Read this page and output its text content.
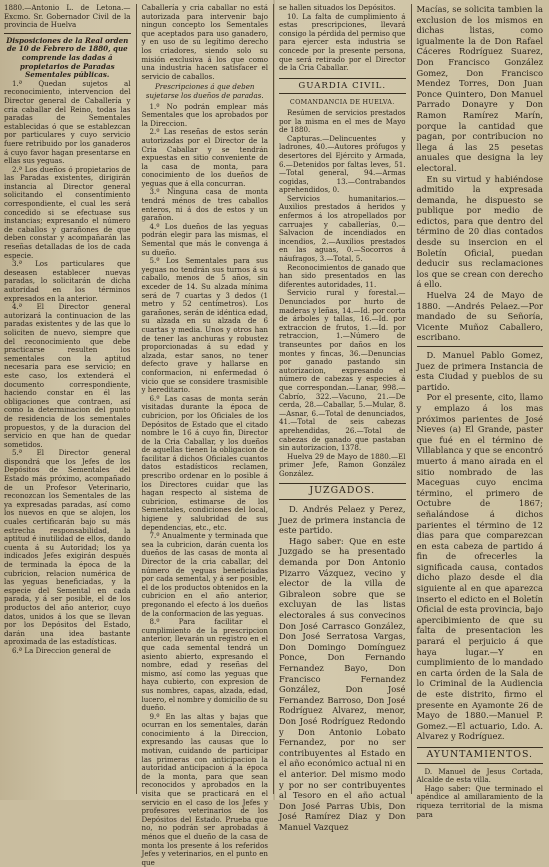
1880.—Antonio L. de Letona.— Excmo. Sr. Gobernador Civil de la provincia de Huelva

Disposiciones de la Real orden de 10 de Febrero de 1880, que comprende las dadas á propietarios de Paradas Sementales públicas.

1.ª Quedan sujetos al reconocimiento, intervencion del Director general de Caballería y cria caballar del Reino, todas las paradas de Sementales establecidas ó que se establezcan por particulares y cuyo servicio fuere retribuido por los ganaderos á cuyo favor hagan presentarse en ellas sus yeguas.

2.ª Los dueños ó propietarios de las Paradas existentes, dirigirán instancia al Director general solicitando el consentimiento correspondiente, el cual les será concedido si se efectuase sus instancias; expresando el número de caballos y garañones de que deben constar y acompañarán las reseñas detalladas de los de cada especie.

3.ª Los particulares que deseasen establecer nuevas paradas, lo solicitarán de dicha autoridad en los términos expresados en la anterior.

4.ª El Director general autorizará la continuacion de las paradas existentes y de las que lo soliciten de nuevo, siempre que del reconocimiento que debe practicarse resulten los sementales con la aptitud necesaria para ese servicio; en este caso, los extenderá el documento correspondiente, haciendo constar en él las obligaciones que contraen, así como la determinacion del punto de residencia de los sementales propuestos, y de la duracion del servicio en que han de quedar sometidos.

5.ª El Director general dispondrá que los Jefes de los Depósitos de Sementales del Estado más próximo, acompañado de un Profesor Veterinario, reconozcan los Sementales de las ya expresadas paradas, así como los nuevos en que se alojen, los cuales certificarán bajo su más estrecha responsabilidad, la aptitud é inutilidad de ellos, dando cuenta á su Autoridad; los ya indicados Jefes exigirán después de terminada la época de la cubricion, relacion numérica de las yeguas beneficiadas, y la especie del Semental en cada parada, y á ser posible, el de los productos del año anterior, cuyo datos, unidos á los que se llevan por los Depósitos del Estado, darán una idea bastante aproximada de las estadísticas.

6.ª La Direccion general de

Caballería y cria caballar no está autorizada para intervenir bajo ningun concepto los Sementales que aceptados para uso ganadero, y en uso de su legítimo derecho los criadores, siendo solo su misión exclusiva á los que como una industria hacen satisfacer el servicio de caballos.

Prescripciones á que deben sujetarse los dueños de paradas.

1.º No podrán emplear más Sementales que los aprobados por la Direccion.

2.º Las reseñas de estos serán autorizadas por el Director de la Cria Caballar y se tendrán expuestas en sitio conveniente de la casa de monta, para conocimiento de los dueños de yeguas que á ella concurran.

3.º Ninguna casa de monta tendrá ménos de tres caballos enteros, ni á dos de estos y un garañon.

4.º Los dueños de las yeguas podrán elegir para las mismas, el Semental que más le convenga á su dueño.

5.º Los Sementales para sus yeguas no tendrán sus turnos á su caballo, menos de 5 años, sin exceder de 14. Su alzada mínima será de 7 cuartas y 3 dedos (1 metro y 52 centímetros). Los garañones, serán de idéntica edad, su alzada en su alzada de 6 cuartas y media. Unos y otros han de tener las anchuras y robustez proporcionadas á su edad y alzada, estar sanos, no tener defecto grave y hallarse en conformacion, ni enfermedad ó vicio que se considere trasmisible y hereditario.

6.º Las casas de monta serán visitadas durante la época de cubricion, por los Oficiales de los Depósitos de Estado que el citado nombre le 16 á cuyo fin, Director de la Cria Caballar, y los dueños de aquellas tienen la obligacion de facilitar á dichos Oficiales cuantos datos estadísticos reclamen, prescribo ordenar en lo posible á los Directores cuidar que las hagan respecto al sistema de cubricion, estimarse de los Sementales, condiciones del local, higiene y salubridad de sus dependencias, etc., etc.

7.º Anualmente y terminada que sea la cubricion, darán cuenta los dueños de las casas de monta al Director de la cria caballar, del número de yeguas beneficiadas por cada semental, y á ser posible, el de los productos obtenidos en la cubricion en el año anterior, pregonando el efecto á los dueños de la conformacion de las yeguas.

8.º Para facilitar el cumplimiento de la prescripcion anterior, llevarán un registro en el que cada semental tendrá un asiento abierto, expresando el nombre, edad y reseñas del mismo, así como las yeguas que haya cubierto, con expresion de sus nombres, capas, alzada, edad, lucero, el nombre y domicilio de su dueño.

9.º En las altas y bajas que ocurran en los sementales, darán conocimiento á la Direccion, expresando las causas que lo motivan, cuidando de participar las primeras con anticipacion la autoridad anticipacion á la época de la monta, para que sean reconocidos y aprobados en la visita que se practicará en el servicio en el caso de los Jefes y profesores veterinarios de los Depósitos del Estado. Prueba que no, no podrán ser aprobadas á ménos que el dueño de la casa de monta los presente á los referidos Jefes y veterinarios, en el punto en que

se hallen situados los Depósitos.

10. La falta de cumplimiento á estas prescripciones, llevará consigo la pérdida del permiso que para ejercer esta industria se concede por la presente persona, que será retirado por el Director de la Cria Caballar.

GUARDIA CIVIL.

COMANDANCIA DE HUELVA.

Resúmen de servicios prestados por la misma en el mes de Mayo de 1880.

Capturas.—Delincuentes y ladrones, 40.—Autores prófugos y desertores del Ejército y Armada, 6.—Detenidos por faltas leves, 51.—Total general, 94.—Armas cogidas, 13.—Contrabandos aprehendidos, 0.

Servicios humanitarios.—Auxilios prestados á heridos y enfermos á los atropellados por carruajes y caballerías, 0.—Salvacion de incendiados en incendios, 2.—Auxilios prestados en las aguas, 0.—Socorros á náufragos, 3.—Total, 5.

Reconocimientos de ganado que han sido presentados en las diferentes autoridades, 11.

Servicio rural y forestal.—Denunciados por hurto de maderas y leñas, 14.—Id. por corta de árboles y tallas, 16.—Id. por extraccion de frutos, 1.—Id. por retraccion, 1.—Número de transeuntes por daños en los montes y fincas, 36.—Denuncias por ganado pastando sin autorizacion, expresando el número de cabezas y especies á que correspondan.—Lanar, 998.—Cabrío, 322.—Vacuno, 21.—De cerda, 28.—Caballar, 5.—Mular, 8.—Asnar, 6.—Total de denunciados, 41.—Total de seis cabezas aprehendidas, 26.—Total de cabezas de ganado que pastaban sin autorizacion, 1378.

Huelva 29 de Mayo de 1880.—El primer Jefe, Ramon González González.

JUZGADOS.

D. Andrés Pelaez y Perez, Juez de primera instancia de este partido.

Hago saber: Que en este Juzgado se ha presentado demanda por Don Antonio Pizarro Vázquez, vecino y elector de la villa de Gibraleon sobre que se excluyan de las listas electorales á sus convecinos Don José Carrasco González, Don José Serratosa Vargas, Don Domingo Domínguez Ponce, Don Fernando Fernandez Bayo, Don Francisco Fernandez González, Don José Fernandez Barroso, Don José Rodríguez Alvarez, menor, Don José Rodríguez Redondo y Don Antonio Lobato Fernandez, por no ser contribuyentes al Estado en el año económico actual ni en el anterior. Del mismo modo y por no ser contribuyentes al Tesoro en el año actual Don José Parras Ubis, Don José Ramírez Diaz y Don Manuel Vazquez

Macías, se solicita tambien la exclusion de los mismos en dichas listas, como igualmente la de Don Rafael Cáceres Rodríguez Suarez, Don Francisco González Gomez, Don Francisco Mendez Torres, Don Juan Ponce Quintero, Don Manuel Parrado Donayre y Don Ramon Ramírez Marín, porque la cantidad que pagan, por contribucion no llega á las 25 pesetas anuales que designa la ley electoral.

En su virtud y habiéndose admitido la expresada demanda, he dispuesto se publique por medio de edictos, para que dentro del término de 20 dias contados desde su insercion en el Boletín Oficial, puedan deducir sus reclamaciones los que se crean con derecho á ello.

Huelva 24 de Mayo de 1880. —Andrés Pelaez.—Por mandado de su Señoría, Vicente Muñoz Caballero, escribano.

D. Manuel Pablo Gomez, Juez de primera Instancia de esta Ciudad y pueblos de su partido.

Por el presente, cito, llamo y emplazo á los mas próximos parientes de José Nieves (a) El Grande, paster que fué en el término de Villablanca y que se encontró muerto á mano airada en el sitio nombrado de las Maceguas cuyo encima término, el primero de Octubre de 1867; señalándose á dichos parientes el término de 12 dias para que comparezcan en esta cabeza de partido á fin de ofrecerles la significada causa, contados dicho plazo desde el dia siguiente al en que aparezca inserto el edicto en el Boletín Oficial de esta provincia, bajo apercibimiento de que su falta de presentacion les parará el perjuicio á que haya lugar.—Y en cumplimiento de lo mandado en carta órden de la Sala de lo Criminal de la Audiencia de este distrito, firmo el presente en Ayamonte 26 de Mayo de 1880.—Manuel P. Gomez.—El actuario, Ldo. A. Alvarez y Rodríguez.

AYUNTAMIENTOS.

D. Manuel de Jesus Cortada, Alcalde de esta villa.

Hago saber: Que terminado el apéndice al amillaramiento de la riqueza territorial de la misma para
